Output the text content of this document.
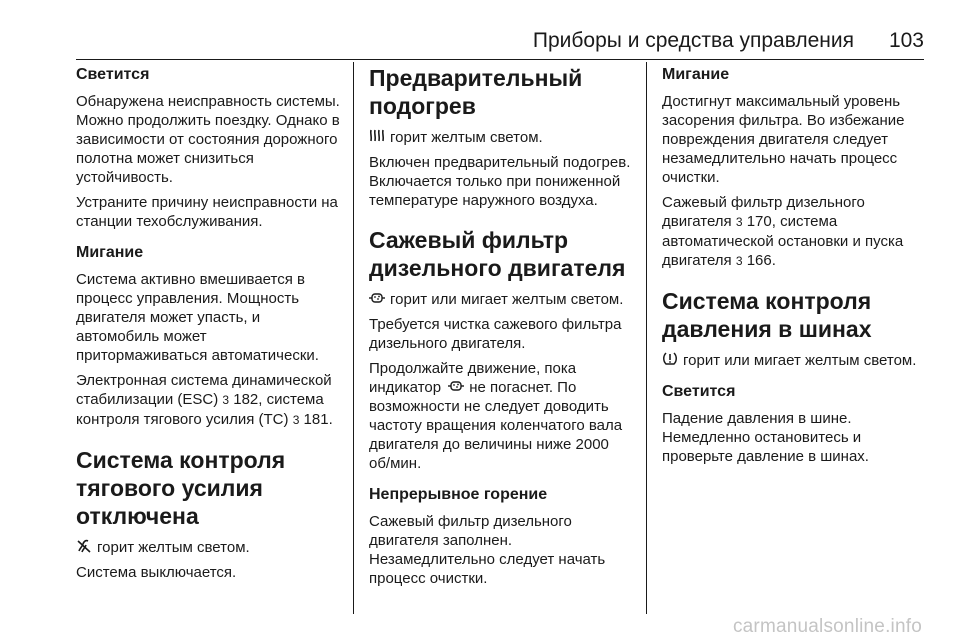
Приборы и средства управления 103
Светится

Обнаружена неисправность системы. Можно продолжить поездку. Однако в зависимости от состояния дорожного полотна может снизиться устойчивость.

Устраните причину неисправности на станции техобслуживания.

Мигание

Система активно вмешивается в процесс управления. Мощность двигателя может упасть, и автомобиль может притормаживаться автоматически.

Электронная система динамической стабилизации (ESC) 3 182, система контроля тягового усилия (TC) 3 181.

Система контроля тягового усилия отключена

горит желтым светом.

Система выключается.

Предварительный подогрев

горит желтым светом.

Включен предварительный подогрев. Включается только при пониженной температуре наружного воздуха.

Сажевый фильтр дизельного двигателя

горит или мигает желтым светом.

Требуется чистка сажевого фильтра дизельного двигателя.

Продолжайте движение, пока индикатор не погаснет. По возможности не следует доводить частоту вращения коленчатого вала двигателя до величины ниже 2000 об/мин.

Непрерывное горение

Сажевый фильтр дизельного двигателя заполнен. Незамедлительно следует начать процесс очистки.

Мигание

Достигнут максимальный уровень засорения фильтра. Во избежание повреждения двигателя следует незамедлительно начать процесс очистки.

Сажевый фильтр дизельного двигателя 3 170, система автоматической остановки и пуска двигателя 3 166.

Система контроля давления в шинах

горит или мигает желтым светом.

Светится

Падение давления в шине. Немедленно остановитесь и проверьте давление в шинах.

carmanualsonline.info
